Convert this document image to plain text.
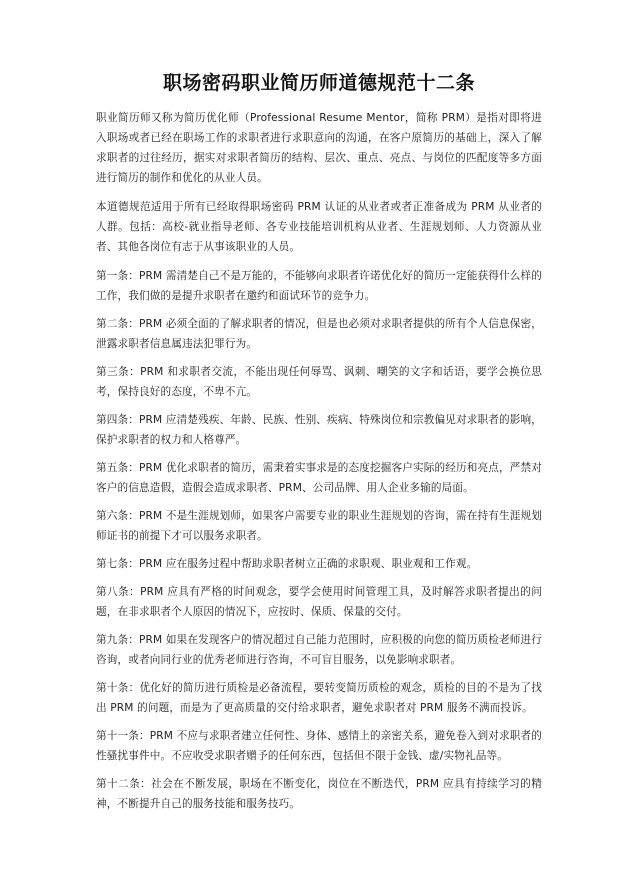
职场密码职业简历师道德规范十二条

职业简历师又称为简历优化师（Professional Resume Mentor，简称 PRM）是指对即将进入职场或者已经在职场工作的求职者进行求职意向的沟通，在客户原简历的基础上，深入了解求职者的过往经历，据实对求职者简历的结构、层次、重点、亮点、与岗位的匹配度等多方面进行简历的制作和优化的从业人员。

本道德规范适用于所有已经取得职场密码 PRM 认证的从业者或者正准备成为 PRM 从业者的人群。包括：高校-就业指导老师、各专业技能培训机构从业者、生涯规划师、人力资源从业者、其他各岗位有志于从事该职业的人员。

第一条：PRM 需清楚自己不是万能的，不能够向求职者许诺优化好的简历一定能获得什么样的工作，我们做的是提升求职者在邀约和面试环节的竞争力。

第二条：PRM 必须全面的了解求职者的情况，但是也必须对求职者提供的所有个人信息保密，泄露求职者信息属违法犯罪行为。

第三条：PRM 和求职者交流，不能出现任何辱骂、讽刺、嘲笑的文字和话语，要学会换位思考，保持良好的态度，不卑不亢。

第四条：PRM 应清楚残疾、年龄、民族、性别、疾病、特殊岗位和宗教偏见对求职者的影响，保护求职者的权力和人格尊严。

第五条：PRM 优化求职者的简历，需秉着实事求是的态度挖掘客户实际的经历和亮点，严禁对客户的信息造假，造假会造成求职者、PRM、公司品牌、用人企业多输的局面。

第六条：PRM 不是生涯规划师，如果客户需要专业的职业生涯规划的咨询，需在持有生涯规划师证书的前提下才可以服务求职者。

第七条：PRM 应在服务过程中帮助求职者树立正确的求职观、职业观和工作观。

第八条：PRM 应具有严格的时间观念，要学会使用时间管理工具，及时解答求职者提出的问题，在非求职者个人原因的情况下，应按时、保质、保量的交付。

第九条：PRM 如果在发现客户的情况超过自己能力范围时，应积极的向您的简历质检老师进行咨询，或者向同行业的优秀老师进行咨询，不可盲目服务，以免影响求职者。

第十条：优化好的简历进行质检是必备流程，要转变简历质检的观念，质检的目的不是为了找出 PRM 的问题，而是为了更高质量的交付给求职者，避免求职者对 PRM 服务不满而投诉。

第十一条：PRM 不应与求职者建立任何性、身体、感情上的亲密关系，避免卷入到对求职者的性骚扰事件中。不应收受求职者赠予的任何东西，包括但不限于金钱、虚/实物礼品等。

第十二条：社会在不断发展，职场在不断变化，岗位在不断迭代，PRM 应具有持续学习的精神，不断提升自己的服务技能和服务技巧。
